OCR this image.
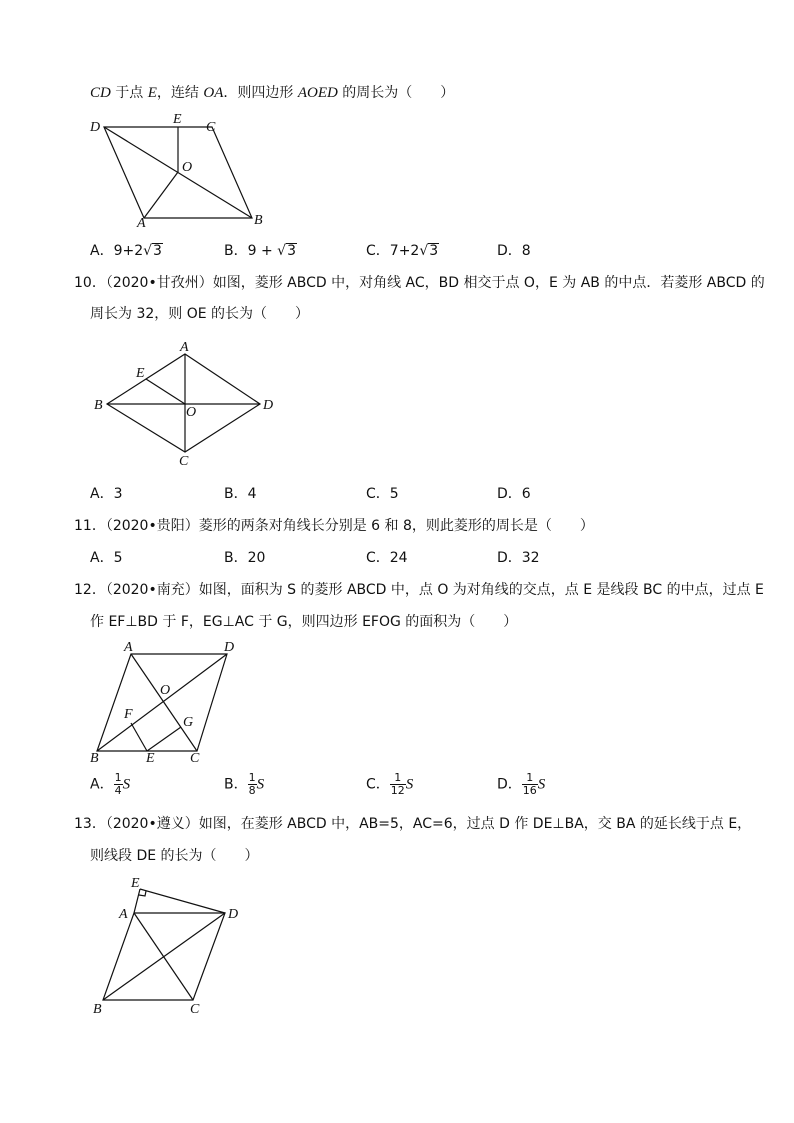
CD 于点 E，连结 OA．则四边形 AOED 的周长为（　　）
D
E
C
O
A	B
A．9+2√3	B．9 + √3	C．7+2√3	D．8
10．（2020•甘孜州）如图，菱形 ABCD 中，对角线 AC，BD 相交于点 O，E 为 AB 的中点．若菱形 ABCD 的
周长为 32，则 OE 的长为（　　）
A
E
B	O	D
C
A．3	B．4	C．5	D．6
11．（2020•贵阳）菱形的两条对角线长分别是 6 和 8，则此菱形的周长是（　　）
A．5	B．20	C．24	D．32
12．（2020•南充）如图，面积为 S 的菱形 ABCD 中，点 O 为对角线的交点，点 E 是线段 BC 的中点，过点 E
作 EF⊥BD 于 F，EG⊥AC 于 G，则四边形 EFOG 的面积为（　　）
A	D
O
F
G
B	E	C
A． $\frac{1}{4}$ S	B． $\frac{1}{8}$ S	C． $\frac{1}{12}$ S	D． $\frac{1}{16}$ S
13．（2020•遵义）如图，在菱形 ABCD 中，AB=5，AC=6，过点 D 作 DE⊥BA，交 BA 的延长线于点 E，
则线段 DE 的长为（　　）
E
A	D
B	C
